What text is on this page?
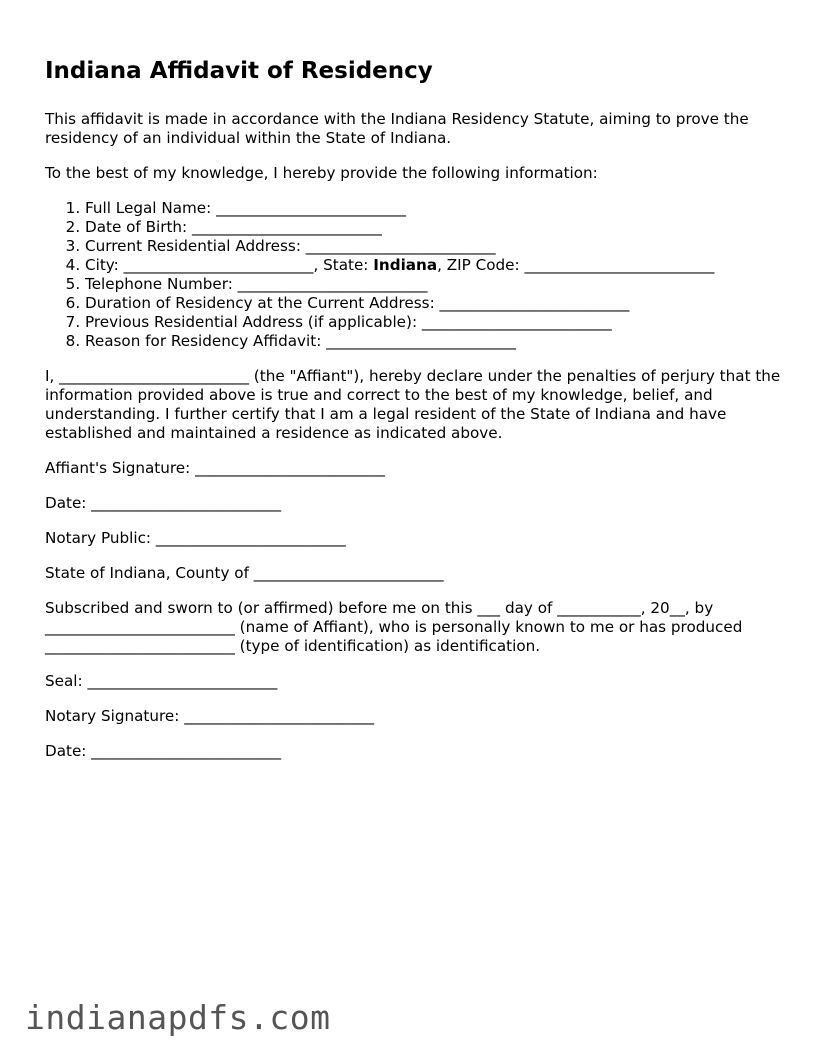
Indiana Affidavit of Residency

This affidavit is made in accordance with the Indiana Residency Statute, aiming to prove the residency of an individual within the State of Indiana.

To the best of my knowledge, I hereby provide the following information:

1. Full Legal Name: _________________________
2. Date of Birth: _________________________
3. Current Residential Address: _________________________
4. City: _________________________, State: Indiana, ZIP Code: _________________________
5. Telephone Number: _________________________
6. Duration of Residency at the Current Address: _________________________
7. Previous Residential Address (if applicable): _________________________
8. Reason for Residency Affidavit: _________________________

I, _________________________ (the "Affiant"), hereby declare under the penalties of perjury that the information provided above is true and correct to the best of my knowledge, belief, and understanding. I further certify that I am a legal resident of the State of Indiana and have established and maintained a residence as indicated above.

Affiant's Signature: _________________________

Date: _________________________

Notary Public: _________________________

State of Indiana, County of _________________________

Subscribed and sworn to (or affirmed) before me on this ___ day of ___________, 20__, by _________________________ (name of Affiant), who is personally known to me or has produced _________________________ (type of identification) as identification.

Seal: _________________________

Notary Signature: _________________________

Date: _________________________

indianapdfs.com
